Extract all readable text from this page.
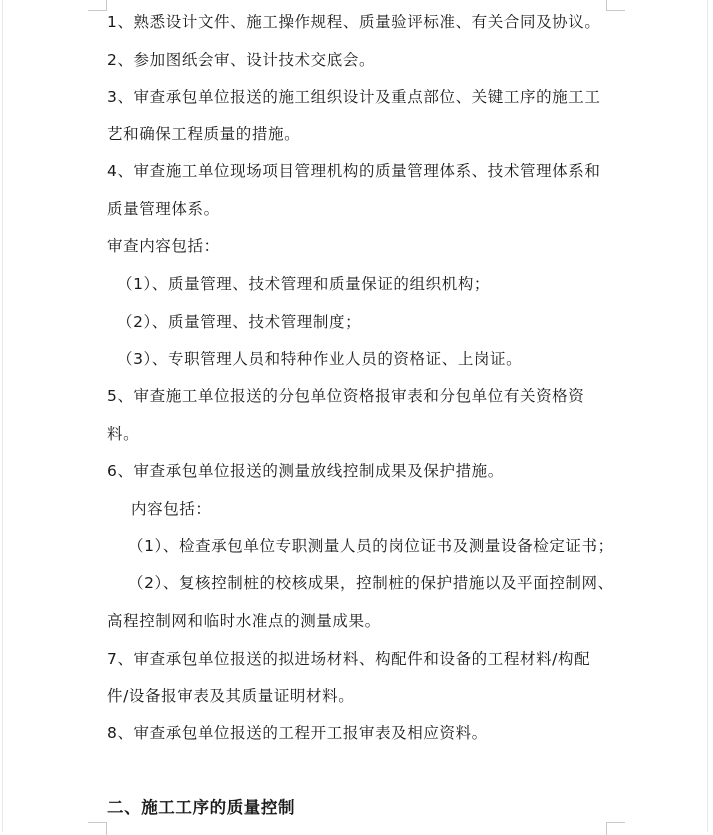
1、熟悉设计文件、施工操作规程、质量验评标准、有关合同及协议。
2、参加图纸会审、设计技术交底会。
3、审查承包单位报送的施工组织设计及重点部位、关键工序的施工工
艺和确保工程质量的措施。
4、审查施工单位现场项目管理机构的质量管理体系、技术管理体系和
质量管理体系。
审查内容包括：
（1）、质量管理、技术管理和质量保证的组织机构；
（2）、质量管理、技术管理制度；
（3）、专职管理人员和特种作业人员的资格证、上岗证。
5、审查施工单位报送的分包单位资格报审表和分包单位有关资格资
料。
6、审查承包单位报送的测量放线控制成果及保护措施。
内容包括：
（1）、检查承包单位专职测量人员的岗位证书及测量设备检定证书；
（2）、复核控制桩的校核成果，控制桩的保护措施以及平面控制网、
高程控制网和临时水准点的测量成果。
7、审查承包单位报送的拟进场材料、构配件和设备的工程材料/构配
件/设备报审表及其质量证明材料。
8、审查承包单位报送的工程开工报审表及相应资料。
二、施工工序的质量控制
